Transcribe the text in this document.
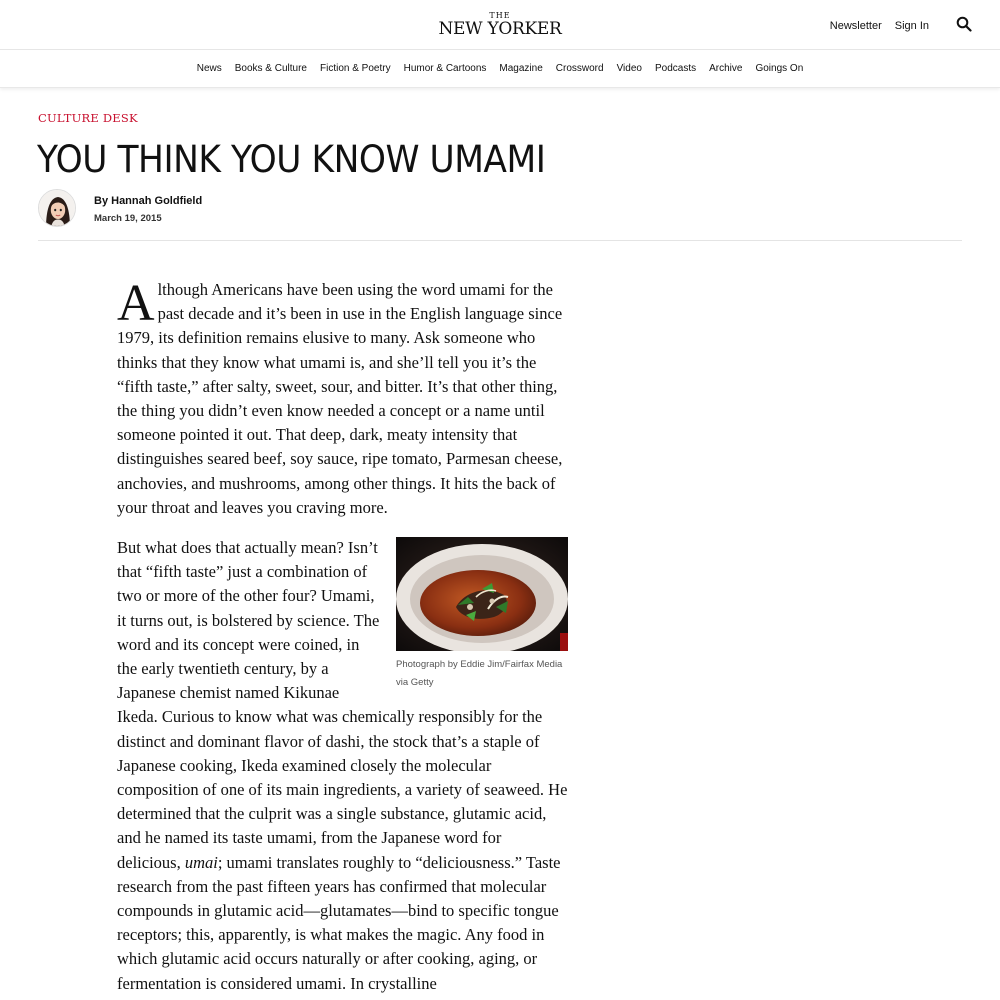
THE
NEW YORKER	Newsletter Sign In
News Books & Culture Fiction & Poetry Humor & Cartoons Magazine Crossword Video Podcasts Archive Goings On
CULTURE DESK
YOU THINK YOU KNOW UMAMI
By Hannah Goldfield
March 19, 2015

Although Americans have been using the word umami for the past decade and it’s been in use in the English language since 1979, its definition remains elusive to many. Ask someone who thinks that they know what umami is, and she’ll tell you it’s the “fifth taste,” after salty, sweet, sour, and bitter. It’s that other thing, the thing you didn’t even know needed a concept or a name until someone pointed it out. That deep, dark, meaty intensity that distinguishes seared beef, soy sauce, ripe tomato, Parmesan cheese, anchovies, and mushrooms, among other things. It hits the back of your throat and leaves you craving more.

Photograph by Eddie Jim/Fairfax Media via Getty
But what does that actually mean? Isn’t that “fifth taste” just a combination of two or more of the other four? Umami, it turns out, is bolstered by science. The word and its concept were coined, in the early twentieth century, by a Japanese chemist named Kikunae Ikeda. Curious to know what was chemically responsibly for the distinct and dominant flavor of dashi, the stock that’s a staple of Japanese cooking, Ikeda examined closely the molecular composition of one of its main ingredients, a variety of seaweed. He determined that the culprit was a single substance, glutamic acid, and he named its taste umami, from the Japanese word for delicious, umai; umami translates roughly to “deliciousness.” Taste research from the past fifteen years has confirmed that molecular compounds in glutamic acid—glutamates—bind to specific tongue receptors; this, apparently, is what makes the magic. Any food in which glutamic acid occurs naturally or after cooking, aging, or fermentation is considered umami. In crystalline
